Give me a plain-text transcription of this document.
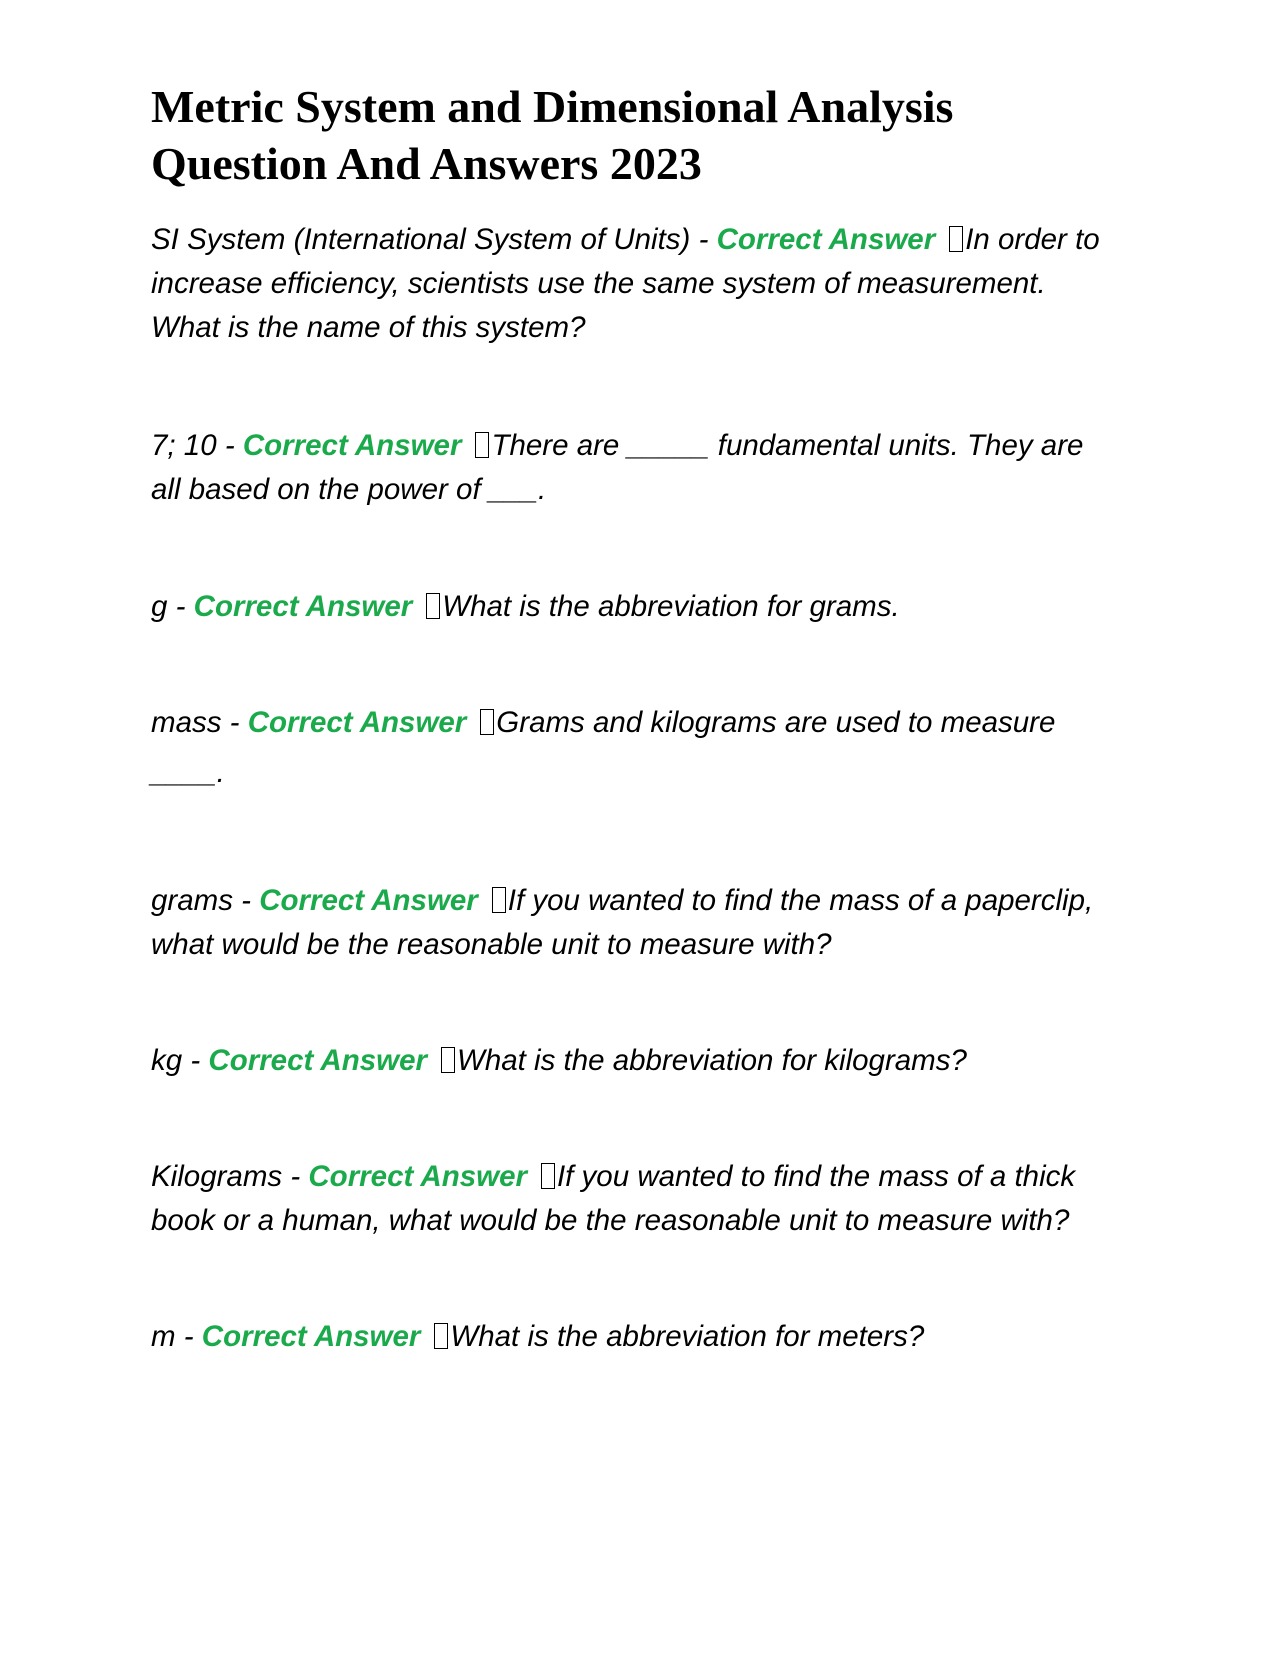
Metric System and Dimensional Analysis
Question And Answers 2023

SI System (International System of Units) - Correct Answer In order to
increase efficiency, scientists use the same system of measurement.
What is the name of this system?

7; 10 - Correct Answer There are _____ fundamental units. They are
all based on the power of ___.

g - Correct Answer What is the abbreviation for grams.

mass - Correct Answer Grams and kilograms are used to measure
____.

grams - Correct Answer If you wanted to find the mass of a paperclip,
what would be the reasonable unit to measure with?

kg - Correct Answer What is the abbreviation for kilograms?

Kilograms - Correct Answer If you wanted to find the mass of a thick
book or a human, what would be the reasonable unit to measure with?

m - Correct Answer What is the abbreviation for meters?
